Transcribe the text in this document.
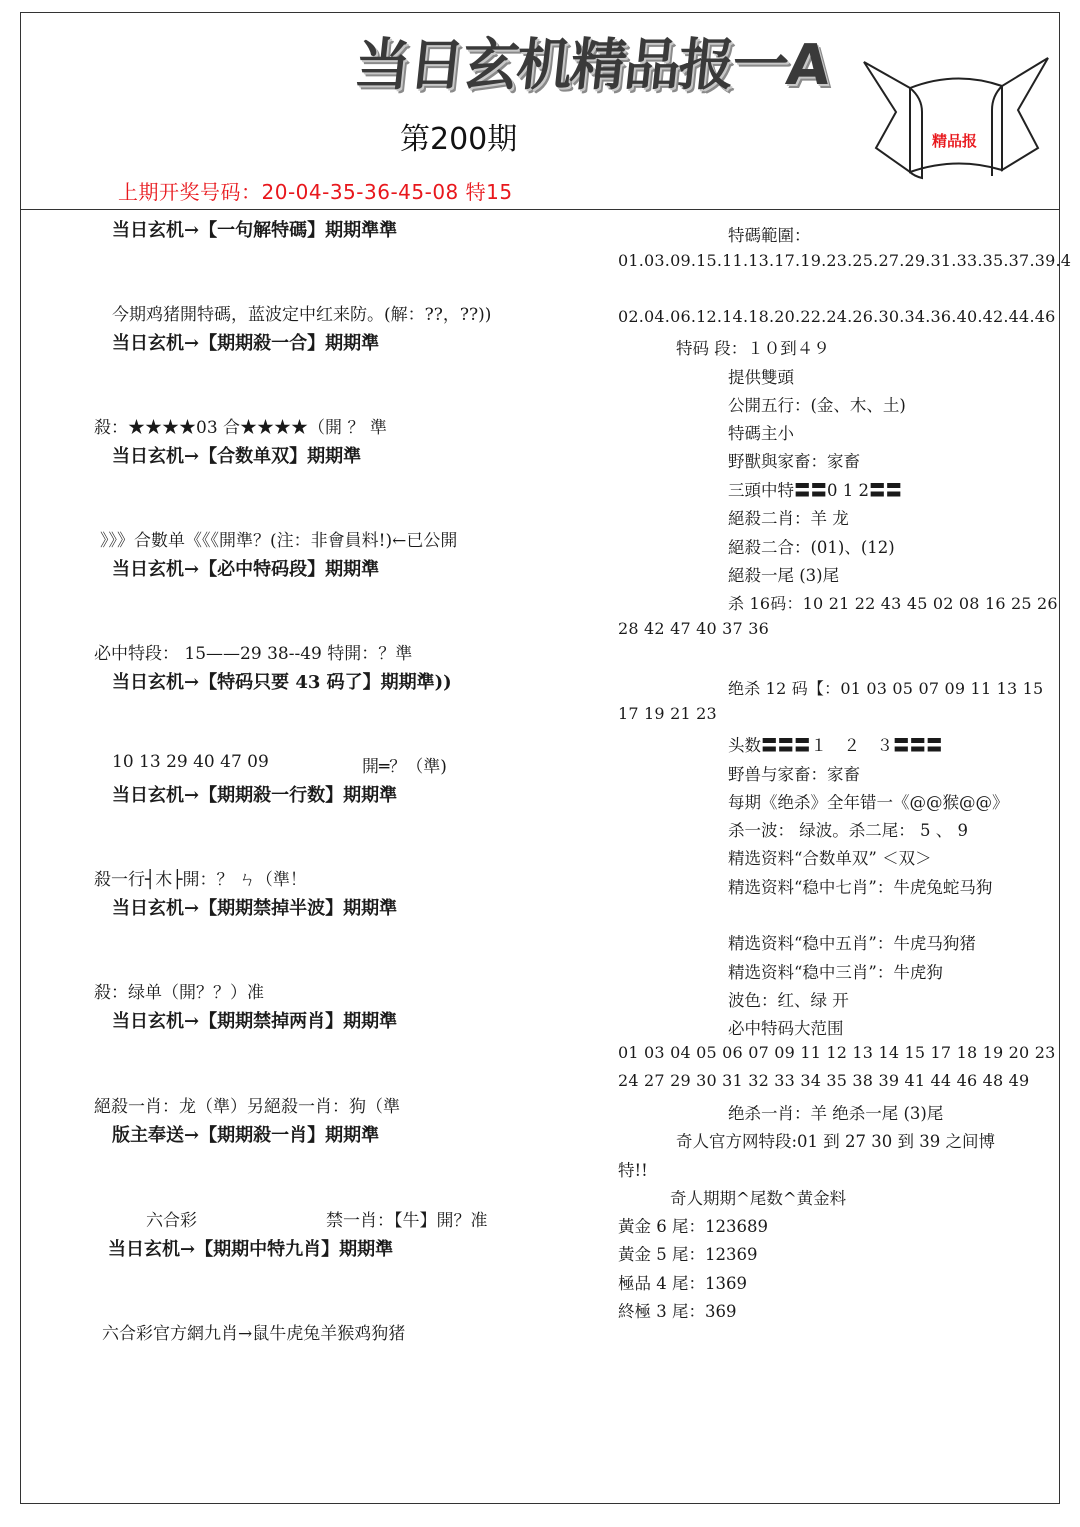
当日玄机精品报一A
精品报
第200期
上期开奖号码：20-04-35-36-45-08 特15
当日玄机→【一句解特碼】期期準準
今期鸡猪開特碼，蓝波定中红来防。(解：??，??))
当日玄机→【期期殺一合】期期準
殺：★★★★03 合★★★★（開 ？ 準
当日玄机→【合数单双】期期準
》》》合數单《《《開準？(注：非會員料!)←已公開
当日玄机→【必中特码段】期期準
必中特段： 15——29 38--49 特開：？準
当日玄机→【特码只要 43 码了】期期準))
10 13 29 40 47 09	開═？（準)
当日玄机→【期期殺一行数】期期準
殺一行┤木├開：？ ㄣ（準！
当日玄机→【期期禁掉半波】期期準
殺：绿单（開？？）准
当日玄机→【期期禁掉两肖】期期準
絕殺一肖：龙（準）另絕殺一肖：狗（準
版主奉送→【期期殺一肖】期期準
六合彩	禁一肖：【牛】開？准
当日玄机→【期期中特九肖】期期準
六合彩官方網九肖→鼠牛虎兔羊猴鸡狗猪
特碼範圍：
01.03.09.15.11.13.17.19.23.25.27.29.31.33.35.37.39.4
02.04.06.12.14.18.20.22.24.26.30.34.36.40.42.44.46
特码 段：１０到４９
提供雙頭
公開五行：(金、木、土)
特碼主小
野獸與家畜：家畜
三頭中特〓〓0 1 2〓〓
絕殺二肖：羊 龙
絕殺二合：(01)、(12)
絕殺一尾 (3)尾
杀 16码：10 21 22 43 45 02 08 16 25 26
28 42 47 40 37 36
绝杀 12 码【：01 03 05 07 09 11 13 15
17 19 21 23
头数〓〓〓１　２　３〓〓〓
野兽与家畜：家畜
每期《绝杀》全年错一《@@猴@@》
杀一波： 绿波。杀二尾： 5 、 9
精选资料“合数单双” ＜双＞
精选资料“稳中七肖”：牛虎兔蛇马狗
精选资料“稳中五肖”：牛虎马狗猪
精选资料“稳中三肖”：牛虎狗
波色：红、绿 开
必中特码大范围
01 03 04 05 06 07 09 11 12 13 14 15 17 18 19 20 23
24 27 29 30 31 32 33 34 35 38 39 41 44 46 48 49
绝杀一肖：羊 绝杀一尾 (3)尾
奇人官方网特段:01 到 27 30 到 39 之间博
特!!
奇人期期^尾数^黄金料
黃金 6 尾：123689
黃金 5 尾：12369
極品 4 尾：1369
終極 3 尾：369
